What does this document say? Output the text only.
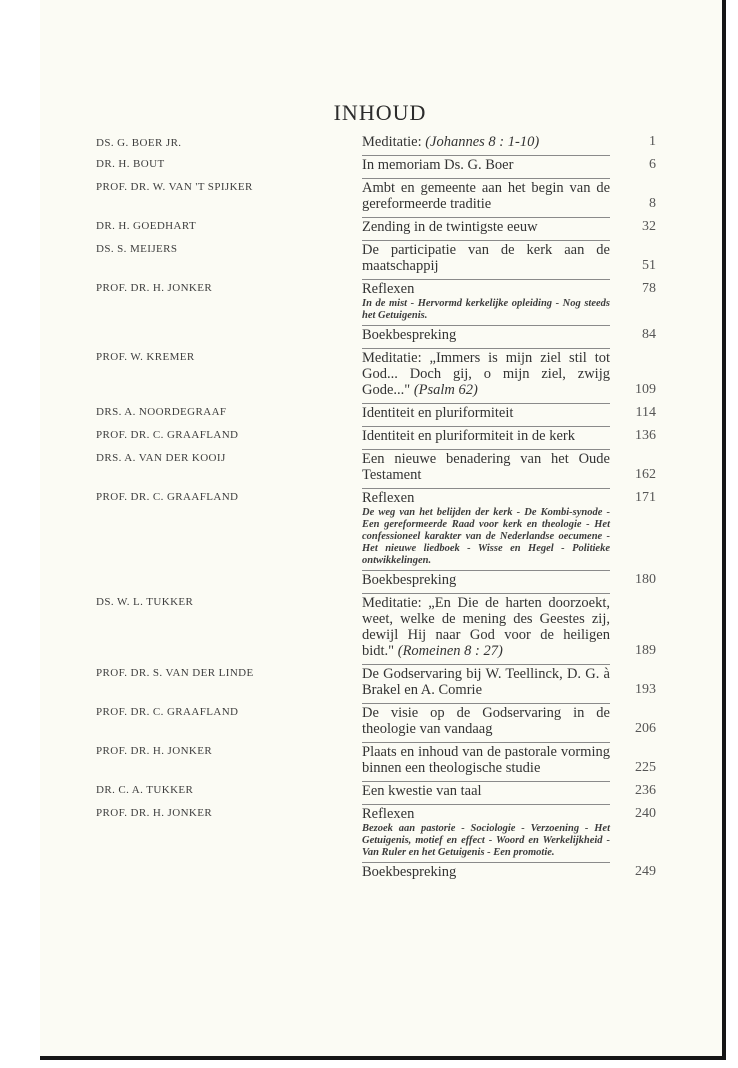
INHOUD
DS. G. BOER JR.	Meditatie: (Johannes 8 : 1-10)	1
DR. H. BOUT	In memoriam Ds. G. Boer	6
PROF. DR. W. VAN 'T SPIJKER	Ambt en gemeente aan het begin van de gereformeerde traditie	8
DR. H. GOEDHART	Zending in de twintigste eeuw	32
DS. S. MEIJERS	De participatie van de kerk aan de maatschappij	51
PROF. DR. H. JONKER	Reflexen	78
In de mist - Hervormd kerkelijke opleiding - Nog steeds het Getuigenis.
Boekbespreking	84
PROF. W. KREMER	Meditatie: „Immers is mijn ziel stil tot God... Doch gij, o mijn ziel, zwijg Gode..." (Psalm 62)	109
DRS. A. NOORDEGRAAF	Identiteit en pluriformiteit	114
PROF. DR. C. GRAAFLAND	Identiteit en pluriformiteit in de kerk	136
DRS. A. VAN DER KOOIJ	Een nieuwe benadering van het Oude Testament	162
PROF. DR. C. GRAAFLAND	Reflexen	171
De weg van het belijden der kerk - De Kombi-synode - Een gereformeerde Raad voor kerk en theologie - Het confessioneel karakter van de Nederlandse oecumene - Het nieuwe liedboek - Wisse en Hegel - Politieke ontwikkelingen.
Boekbespreking	180
DS. W. L. TUKKER	Meditatie: „En Die de harten doorzoekt, weet, welke de mening des Geestes zij, dewijl Hij naar God voor de heiligen bidt." (Romeinen 8 : 27)	189
PROF. DR. S. VAN DER LINDE	De Godservaring bij W. Teellinck, D. G. à Brakel en A. Comrie	193
PROF. DR. C. GRAAFLAND	De visie op de Godservaring in de theologie van vandaag	206
PROF. DR. H. JONKER	Plaats en inhoud van de pastorale vorming binnen een theologische studie	225
DR. C. A. TUKKER	Een kwestie van taal	236
PROF. DR. H. JONKER	Reflexen	240
Bezoek aan pastorie - Sociologie - Verzoening - Het Getuigenis, motief en effect - Woord en Werkelijkheid - Van Ruler en het Getuigenis - Een promotie.
Boekbespreking	249
